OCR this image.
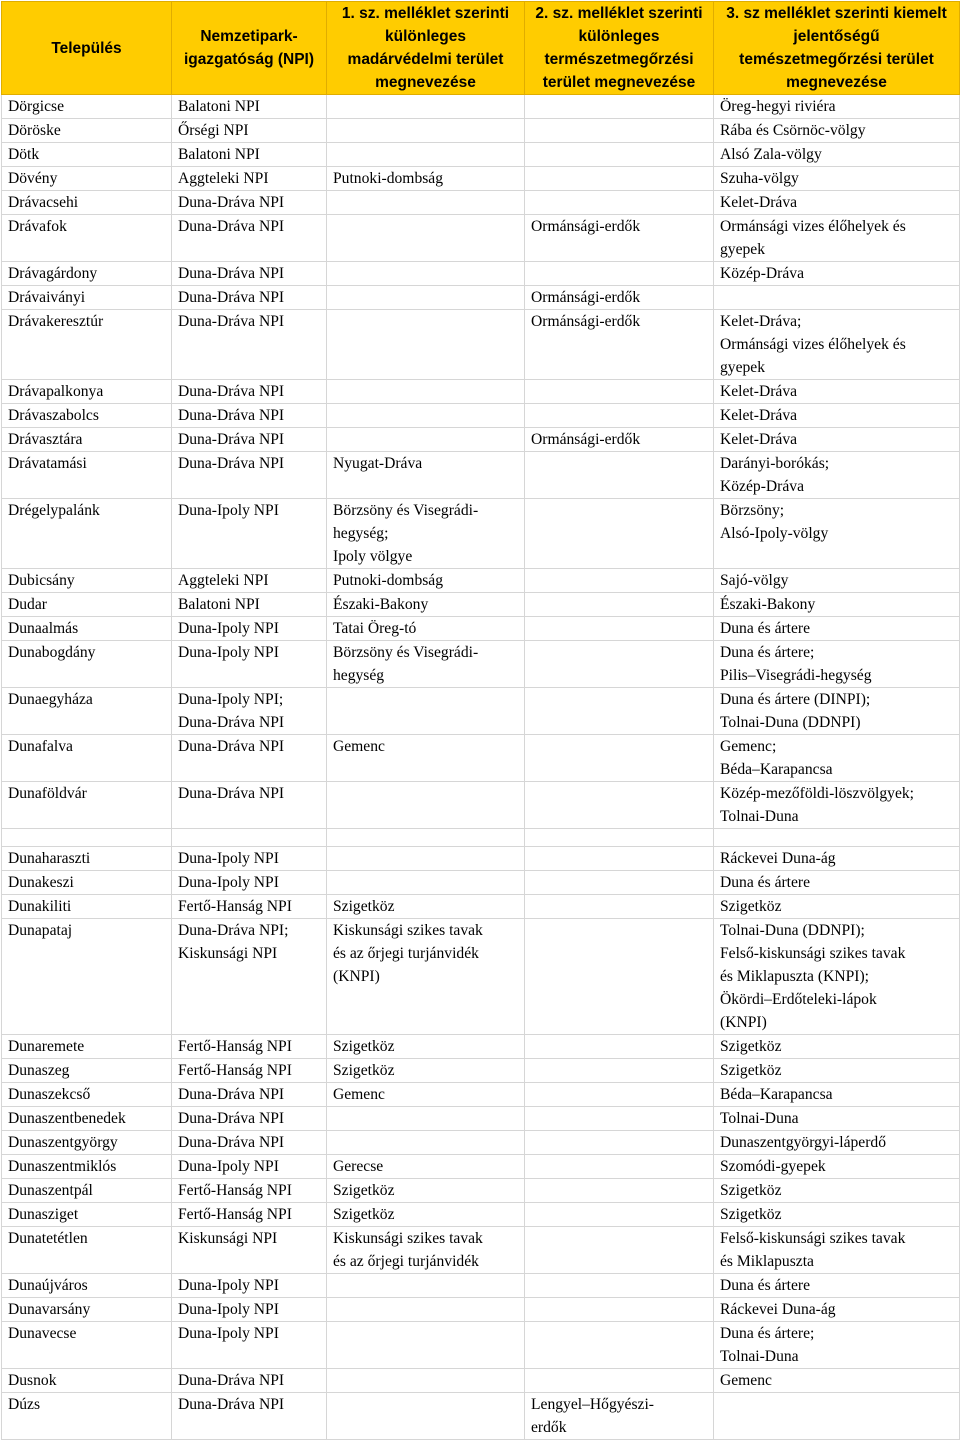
Település	Nemzetipark-
igazgatóság (NPI)	1. sz. melléklet szerinti
különleges
madárvédelmi terület
megnevezése	2. sz. melléklet szerinti
különleges
természetmegőrzési
terület megnevezése	3. sz melléklet szerinti kiemelt
jelentőségű
temészetmegőrzési terület
megnevezése

Dörgicse	Balatoni NPI			Öreg-hegyi riviéra

Döröske	Őrségi NPI			Rába és Csörnöc-völgy

Dötk	Balatoni NPI			Alsó Zala-völgy

Dövény	Aggteleki NPI	Putnoki-dombság		Szuha-völgy

Drávacsehi	Duna-Dráva NPI			Kelet-Dráva

Drávafok	Duna-Dráva NPI		Ormánsági-erdők	Ormánsági vizes élőhelyek és
gyepek

Drávagárdony	Duna-Dráva NPI			Közép-Dráva

Drávaiványi	Duna-Dráva NPI		Ormánsági-erdők	

Drávakeresztúr	Duna-Dráva NPI		Ormánsági-erdők	Kelet-Dráva;
Ormánsági vizes élőhelyek és
gyepek

Drávapalkonya	Duna-Dráva NPI			Kelet-Dráva

Drávaszabolcs	Duna-Dráva NPI			Kelet-Dráva

Drávasztára	Duna-Dráva NPI		Ormánsági-erdők	Kelet-Dráva

Drávatamási	Duna-Dráva NPI	Nyugat-Dráva		Darányi-borókás;
Közép-Dráva

Drégelypalánk	Duna-Ipoly NPI	Börzsöny és Visegrádi-
hegység;
Ipoly völgye		Börzsöny;
Alsó-Ipoly-völgy

Dubicsány	Aggteleki NPI	Putnoki-dombság		Sajó-völgy

Dudar	Balatoni NPI	Északi-Bakony		Északi-Bakony

Dunaalmás	Duna-Ipoly NPI	Tatai Öreg-tó		Duna és ártere

Dunabogdány	Duna-Ipoly NPI	Börzsöny és Visegrádi-
hegység		Duna és ártere;
Pilis–Visegrádi-hegység

Dunaegyháza	Duna-Ipoly NPI;
Duna-Dráva NPI			Duna és ártere (DINPI);
Tolnai-Duna (DDNPI)

Dunafalva	Duna-Dráva NPI	Gemenc		Gemenc;
Béda–Karapancsa

Dunaföldvár	Duna-Dráva NPI			Közép-mezőföldi-löszvölgyek;
Tolnai-Duna

Dunaharaszti	Duna-Ipoly NPI			Ráckevei Duna-ág

Dunakeszi	Duna-Ipoly NPI			Duna és ártere

Dunakiliti	Fertő-Hanság NPI	Szigetköz		Szigetköz

Dunapataj	Duna-Dráva NPI;
Kiskunsági NPI	Kiskunsági szikes tavak
és az őrjegi turjánvidék
(KNPI)		Tolnai-Duna (DDNPI);
Felső-kiskunsági szikes tavak
és Miklapuszta (KNPI);
Ökördi–Erdőteleki-lápok
(KNPI)

Dunaremete	Fertő-Hanság NPI	Szigetköz		Szigetköz

Dunaszeg	Fertő-Hanság NPI	Szigetköz		Szigetköz

Dunaszekcső	Duna-Dráva NPI	Gemenc		Béda–Karapancsa

Dunaszentbenedek	Duna-Dráva NPI			Tolnai-Duna

Dunaszentgyörgy	Duna-Dráva NPI			Dunaszentgyörgyi-láperdő

Dunaszentmiklós	Duna-Ipoly NPI	Gerecse		Szomódi-gyepek

Dunaszentpál	Fertő-Hanság NPI	Szigetköz		Szigetköz

Dunasziget	Fertő-Hanság NPI	Szigetköz		Szigetköz

Dunatetétlen	Kiskunsági NPI	Kiskunsági szikes tavak
és az őrjegi turjánvidék		Felső-kiskunsági szikes tavak
és Miklapuszta

Dunaújváros	Duna-Ipoly NPI			Duna és ártere

Dunavarsány	Duna-Ipoly NPI			Ráckevei Duna-ág

Dunavecse	Duna-Ipoly NPI			Duna és ártere;
Tolnai-Duna

Dusnok	Duna-Dráva NPI			Gemenc

Dúzs	Duna-Dráva NPI		Lengyel–Hőgyészi-
erdők	
